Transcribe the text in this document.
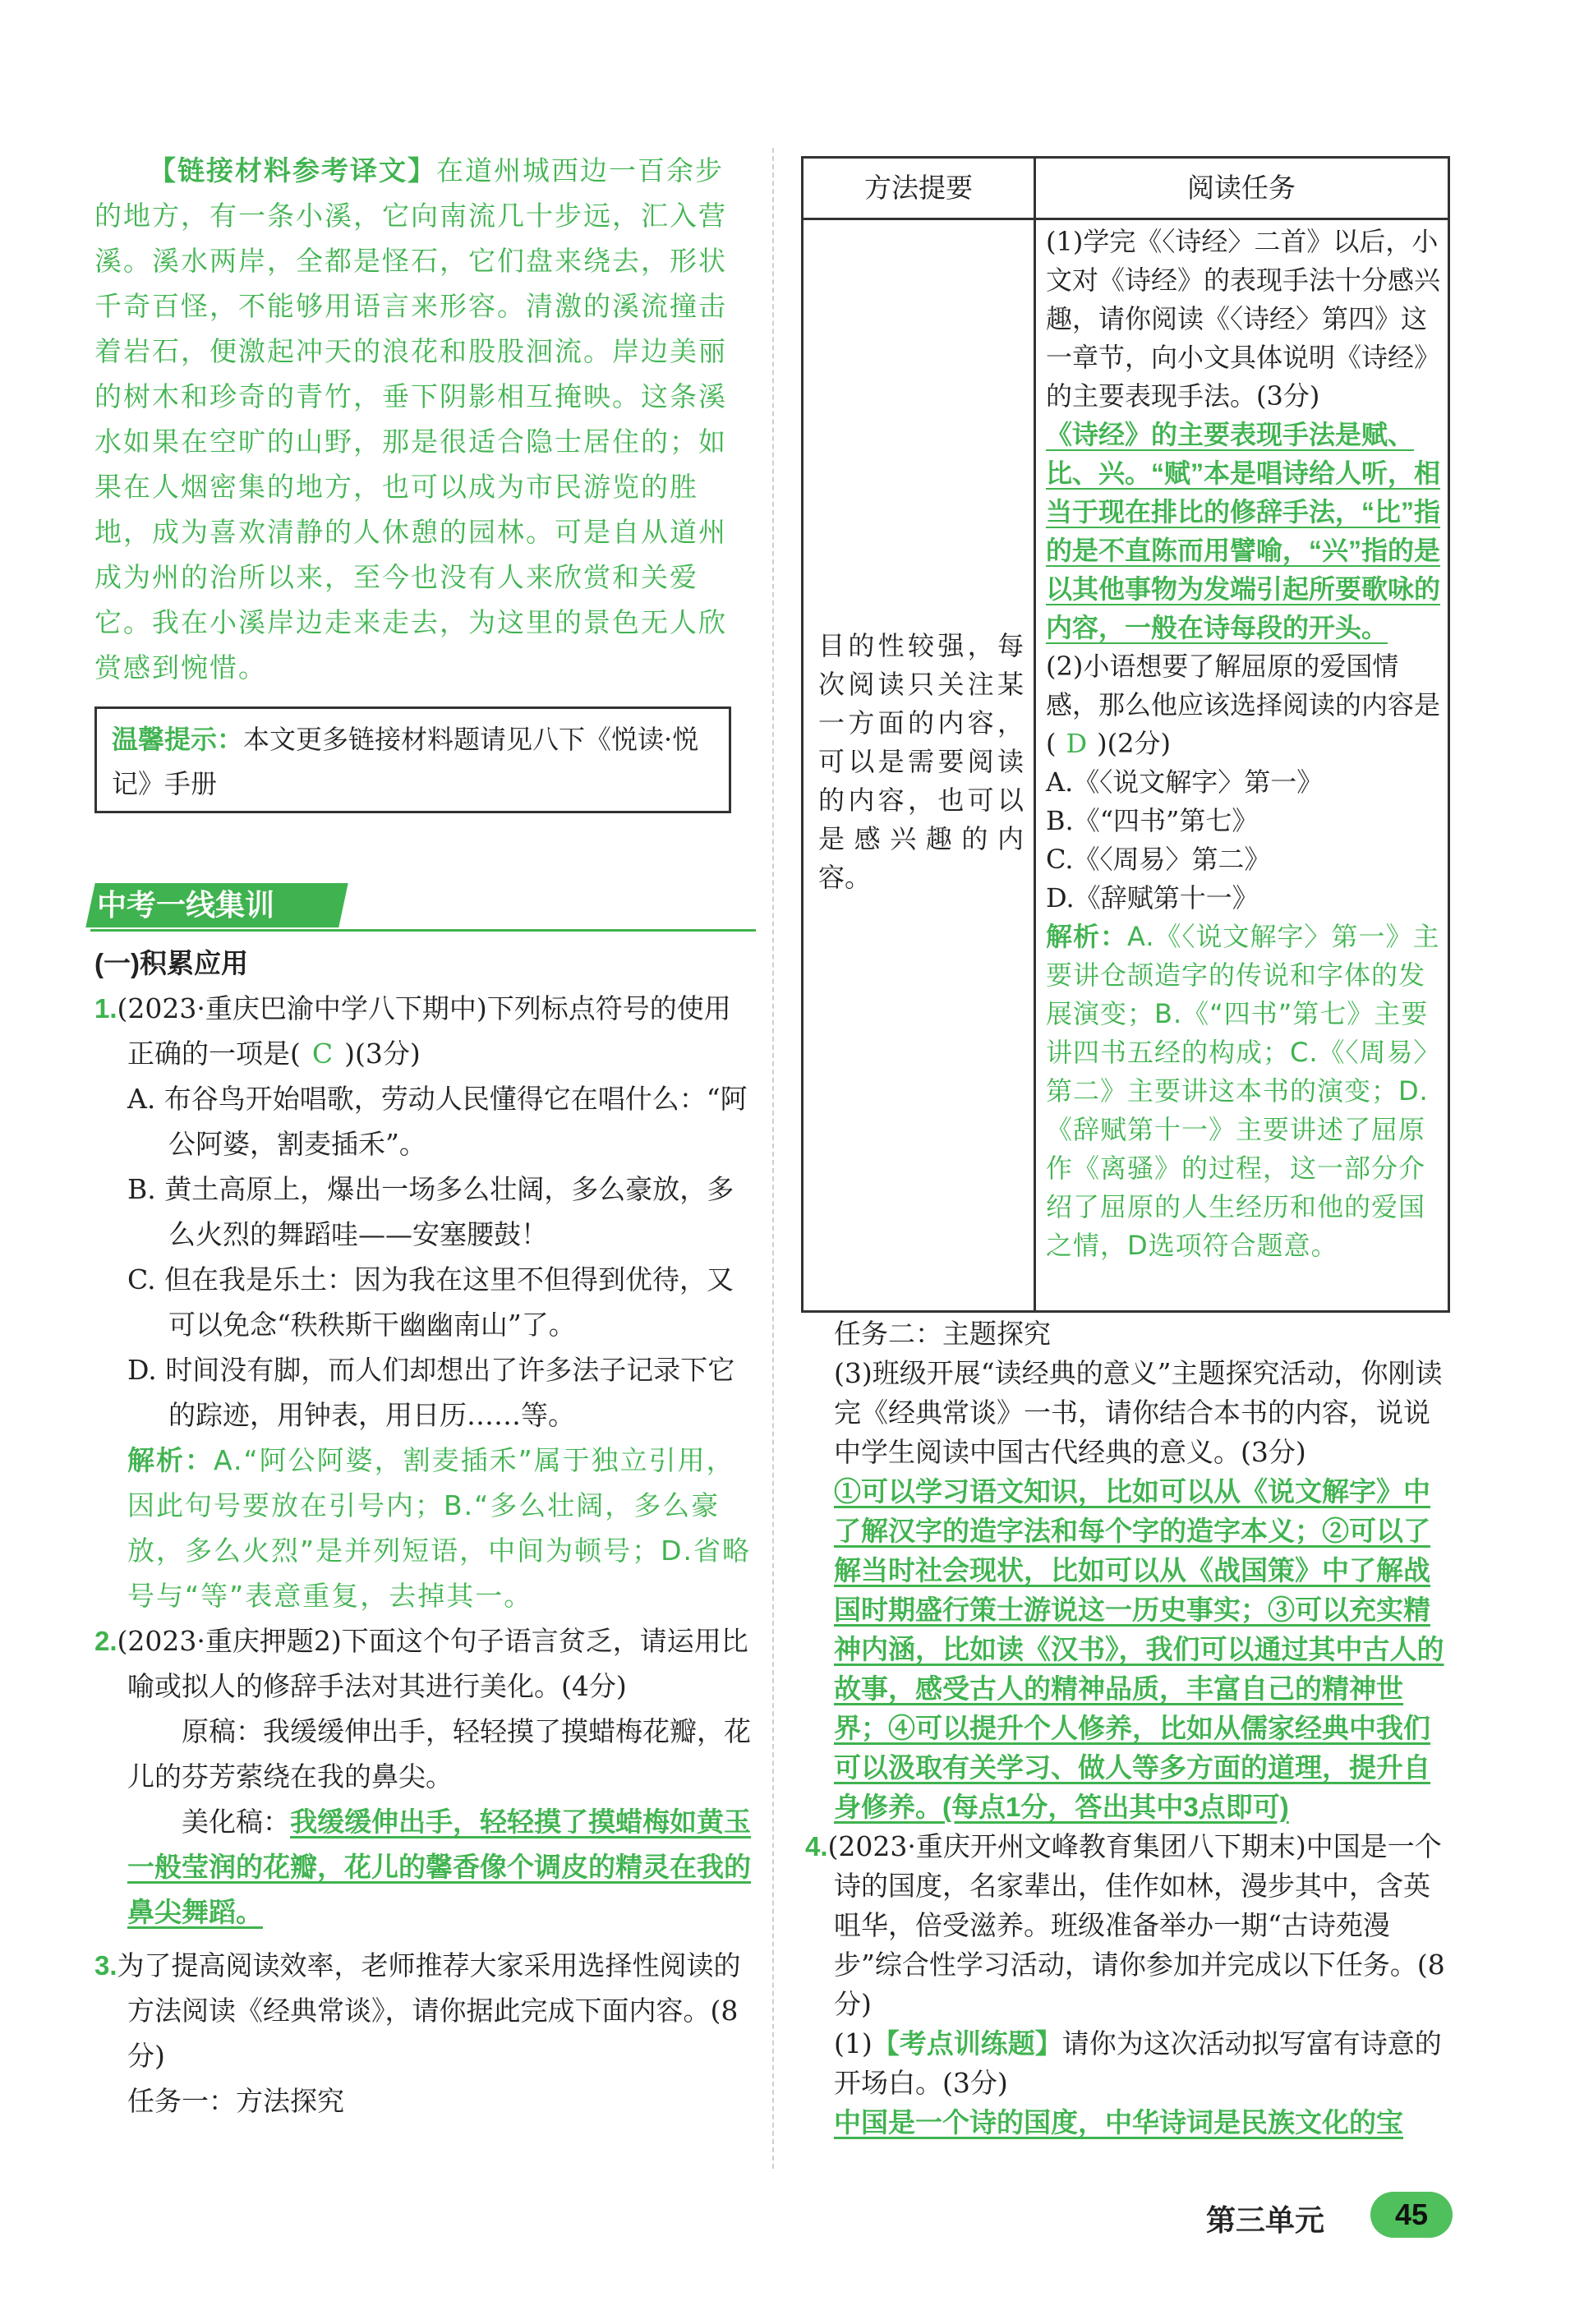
【链接材料参考译文】在道州城西边一百余步的地方，有一条小溪，它向南流几十步远，汇入营溪。溪水两岸，全都是怪石，它们盘来绕去，形状千奇百怪，不能够用语言来形容。清激的溪流撞击着岩石，便激起冲天的浪花和股股洄流。岸边美丽的树木和珍奇的青竹，垂下阴影相互掩映。这条溪水如果在空旷的山野，那是很适合隐士居住的；如果在人烟密集的地方，也可以成为市民游览的胜地，成为喜欢清静的人休憩的园林。可是自从道州成为州的治所以来，至今也没有人来欣赏和关爱它。我在小溪岸边走来走去，为这里的景色无人欣赏感到惋惜。
温馨提示：本文更多链接材料题请见八下《悦读·悦记》手册
中考一线集训
(一)积累应用
1.(2023·重庆巴渝中学八下期中)下列标点符号的使用正确的一项是( C )(3分)
A. 布谷鸟开始唱歌，劳动人民懂得它在唱什么：“阿公阿婆，割麦插禾”。
B. 黄土高原上，爆出一场多么壮阔，多么豪放，多么火烈的舞蹈哇——安塞腰鼓！
C. 但在我是乐土：因为我在这里不但得到优待，又可以免念“秩秩斯干幽幽南山”了。
D. 时间没有脚，而人们却想出了许多法子记录下它的踪迹，用钟表，用日历……等。
解析：A.“阿公阿婆，割麦插禾”属于独立引用，因此句号要放在引号内；B.“多么壮阔，多么豪放，多么火烈”是并列短语，中间为顿号；D.省略号与“等”表意重复，去掉其一。
2.(2023·重庆押题2)下面这个句子语言贫乏，请运用比喻或拟人的修辞手法对其进行美化。(4分)
原稿：我缓缓伸出手，轻轻摸了摸蜡梅花瓣，花儿的芬芳萦绕在我的鼻尖。
美化稿：我缓缓伸出手，轻轻摸了摸蜡梅如黄玉一般莹润的花瓣，花儿的馨香像个调皮的精灵在我的鼻尖舞蹈。
3.为了提高阅读效率，老师推荐大家采用选择性阅读的方法阅读《经典常谈》，请你据此完成下面内容。(8分)
任务一：方法探究
方法提要	阅读任务
目的性较强，每次阅读只关注某一方面的内容，可以是需要阅读的内容，也可以是感兴趣的内容。
(1)学完《〈诗经〉二首》以后，小文对《诗经》的表现手法十分感兴趣，请你阅读《〈诗经〉第四》这一章节，向小文具体说明《诗经》的主要表现手法。(3分)
《诗经》的主要表现手法是赋、比、兴。“赋”本是唱诗给人听，相当于现在排比的修辞手法，“比”指的是不直陈而用譬喻，“兴”指的是以其他事物为发端引起所要歌咏的内容，一般在诗每段的开头。
(2)小语想要了解屈原的爱国情感，那么他应该选择阅读的内容是( D )(2分)
A.《〈说文解字〉第一》
B.《“四书”第七》
C.《〈周易〉第二》
D.《辞赋第十一》
解析：A.《〈说文解字〉第一》主要讲仓颉造字的传说和字体的发展演变；B.《“四书”第七》主要讲四书五经的构成；C.《〈周易〉第二》主要讲这本书的演变；D.《辞赋第十一》主要讲述了屈原作《离骚》的过程，这一部分介绍了屈原的人生经历和他的爱国之情，D选项符合题意。
任务二：主题探究
(3)班级开展“读经典的意义”主题探究活动，你刚读完《经典常谈》一书，请你结合本书的内容，说说中学生阅读中国古代经典的意义。(3分)
①可以学习语文知识，比如可以从《说文解字》中了解汉字的造字法和每个字的造字本义；②可以了解当时社会现状，比如可以从《战国策》中了解战国时期盛行策士游说这一历史事实；③可以充实精神内涵，比如读《汉书》，我们可以通过其中古人的故事，感受古人的精神品质，丰富自己的精神世界；④可以提升个人修养，比如从儒家经典中我们可以汲取有关学习、做人等多方面的道理，提升自身修养。(每点1分，答出其中3点即可)
4.(2023·重庆开州文峰教育集团八下期末)中国是一个诗的国度，名家辈出，佳作如林，漫步其中，含英咀华，倍受滋养。班级准备举办一期“古诗苑漫步”综合性学习活动，请你参加并完成以下任务。(8分)
(1)【考点训练题】请你为这次活动拟写富有诗意的开场白。(3分)
中国是一个诗的国度，中华诗词是民族文化的宝
第三单元	45
